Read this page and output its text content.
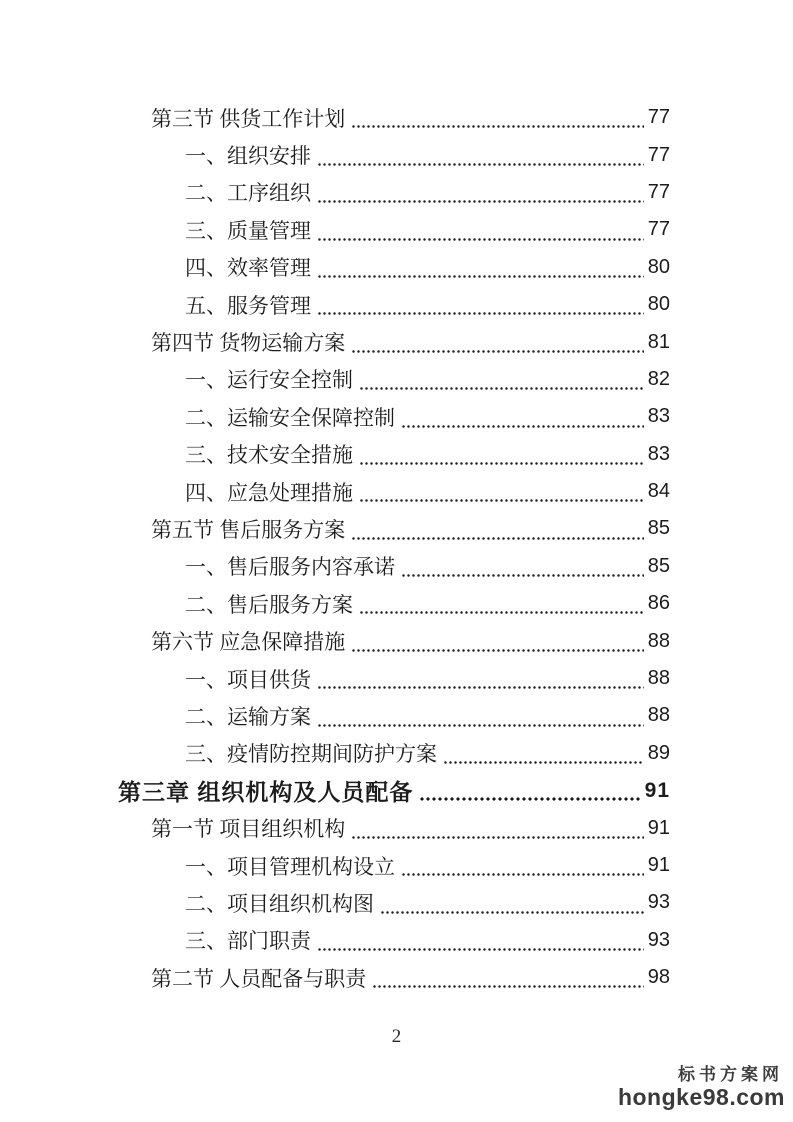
第三节 供货工作计划	77
一、组织安排	77
二、工序组织	77
三、质量管理	77
四、效率管理	80
五、服务管理	80
第四节 货物运输方案	81
一、运行安全控制	82
二、运输安全保障控制	83
三、技术安全措施	83
四、应急处理措施	84
第五节 售后服务方案	85
一、售后服务内容承诺	85
二、售后服务方案	86
第六节 应急保障措施	88
一、项目供货	88
二、运输方案	88
三、疫情防控期间防护方案	89
第三章 组织机构及人员配备	91
第一节 项目组织机构	91
一、项目管理机构设立	91
二、项目组织机构图	93
三、部门职责	93
第二节 人员配备与职责	98
2
标书方案网
hongke98.com
